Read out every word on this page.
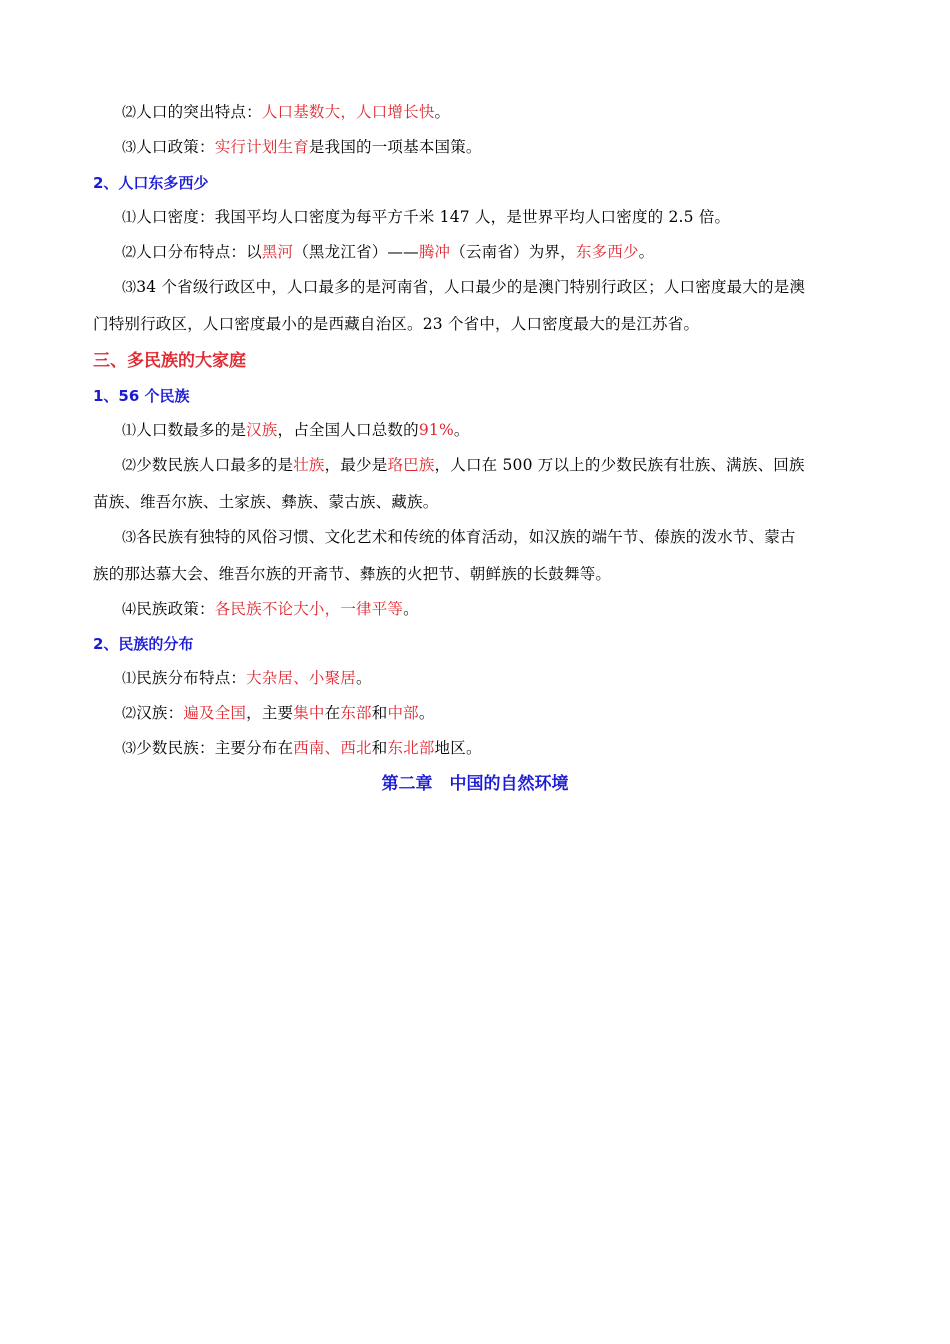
⑵人口的突出特点：人口基数大，人口增长快。
⑶人口政策：实行计划生育是我国的一项基本国策。
2、人口东多西少
⑴人口密度：我国平均人口密度为每平方千米 147 人，是世界平均人口密度的 2.5 倍。
⑵人口分布特点：以黑河（黑龙江省）——腾冲（云南省）为界，东多西少。
⑶34 个省级行政区中，人口最多的是河南省，人口最少的是澳门特别行政区；人口密度最大的是澳
门特别行政区，人口密度最小的是西藏自治区。23 个省中，人口密度最大的是江苏省。
三、多民族的大家庭
1、56 个民族
⑴人口数最多的是汉族，占全国人口总数的91%。
⑵少数民族人口最多的是壮族，最少是珞巴族，人口在 500 万以上的少数民族有壮族、满族、回族
苗族、维吾尔族、土家族、彝族、蒙古族、藏族。
⑶各民族有独特的风俗习惯、文化艺术和传统的体育活动，如汉族的端午节、傣族的泼水节、蒙古
族的那达慕大会、维吾尔族的开斋节、彝族的火把节、朝鲜族的长鼓舞等。
⑷民族政策：各民族不论大小，一律平等。
2、民族的分布
⑴民族分布特点：大杂居、小聚居。
⑵汉族：遍及全国，主要集中在东部和中部。
⑶少数民族：主要分布在西南、西北和东北部地区。
第二章　中国的自然环境
